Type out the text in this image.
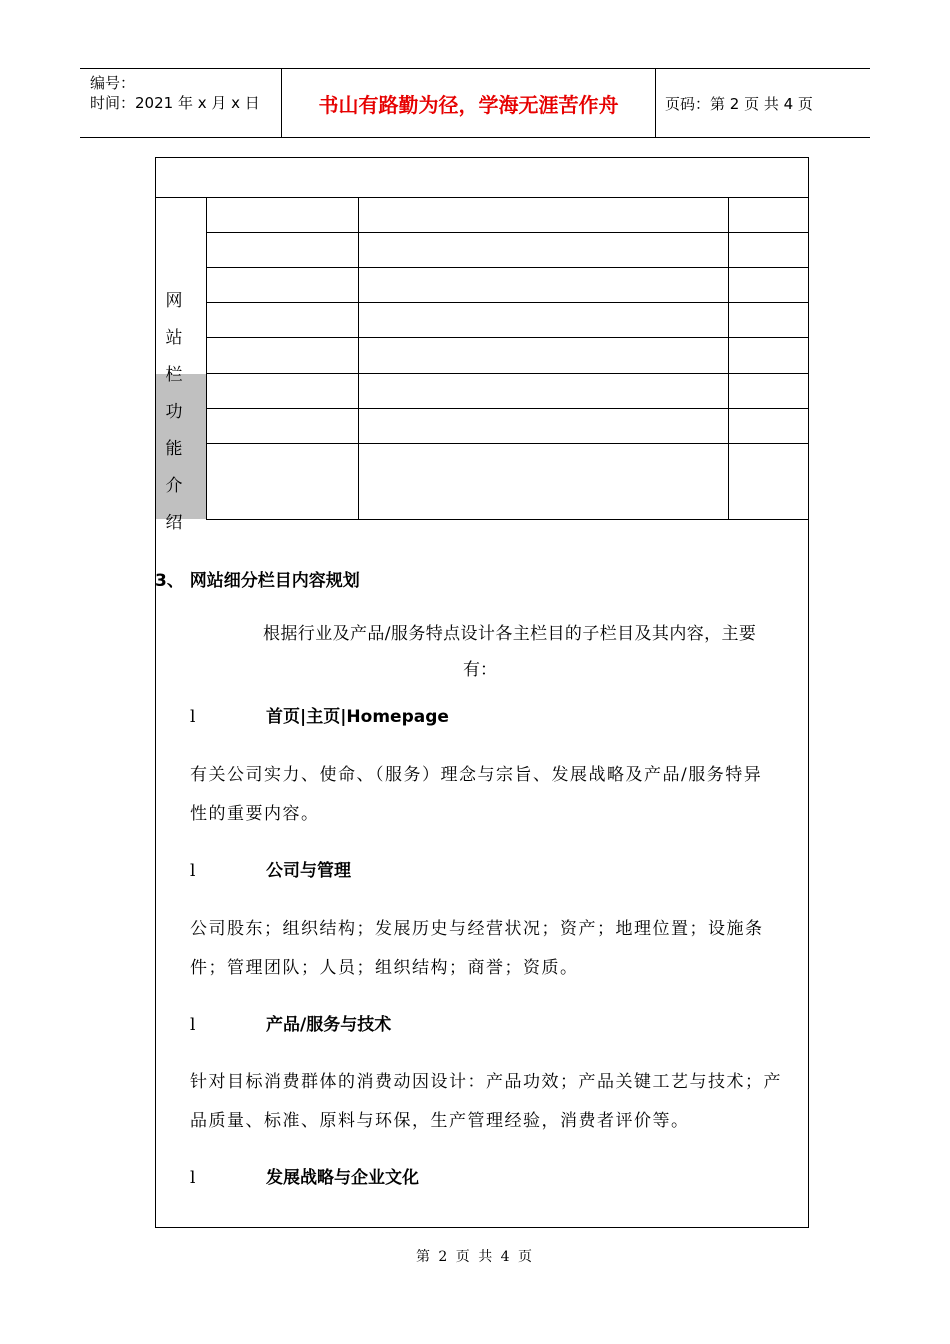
编号：
时间：2021 年 x 月 x 日	书山有路勤为径，学海无涯苦作舟	页码：第 2 页 共 4 页
网
站
栏
功
能
介
绍
3、 网站细分栏目内容规划
根据行业及产品/服务特点设计各主栏目的子栏目及其内容，主要
有：
l	首页|主页|Homepage
有关公司实力、使命、（服务）理念与宗旨、发展战略及产品/服务特异
性的重要内容。
l	公司与管理
公司股东；组织结构；发展历史与经营状况；资产；地理位置；设施条
件；管理团队；人员；组织结构；商誉；资质。
l	产品/服务与技术
针对目标消费群体的消费动因设计：产品功效；产品关键工艺与技术；产
品质量、标准、原料与环保，生产管理经验，消费者评价等。
l	发展战略与企业文化
第 2 页 共 4 页
